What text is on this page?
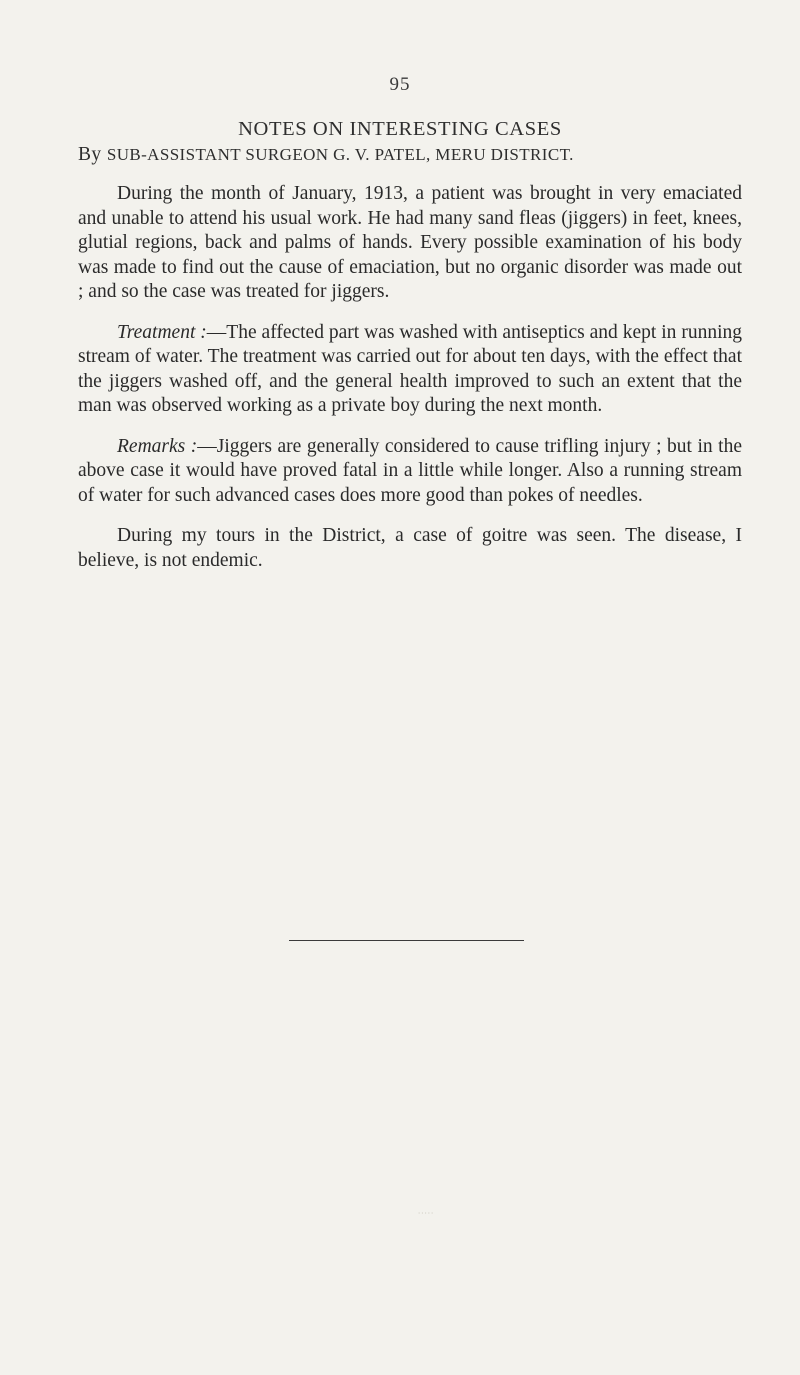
95
NOTES ON INTERESTING CASES
By SUB-ASSISTANT SURGEON G. V. PATEL, MERU DISTRICT.

During the month of January, 1913, a patient was brought in very emaciated and unable to attend his usual work. He had many sand fleas (jiggers) in feet, knees, glutial regions, back and palms of hands. Every possible examination of his body was made to find out the cause of emaciation, but no organic disorder was made out ; and so the case was treated for jiggers.

Treatment :—The affected part was washed with antiseptics and kept in running stream of water. The treatment was carried out for about ten days, with the effect that the jiggers washed off, and the general health improved to such an extent that the man was observed working as a private boy during the next month.

Remarks :—Jiggers are generally considered to cause trifling injury ; but in the above case it would have proved fatal in a little while longer. Also a running stream of water for such advanced cases does more good than pokes of needles.

During my tours in the District, a case of goitre was seen. The disease, I believe, is not endemic.

∙∙∙∙∙
